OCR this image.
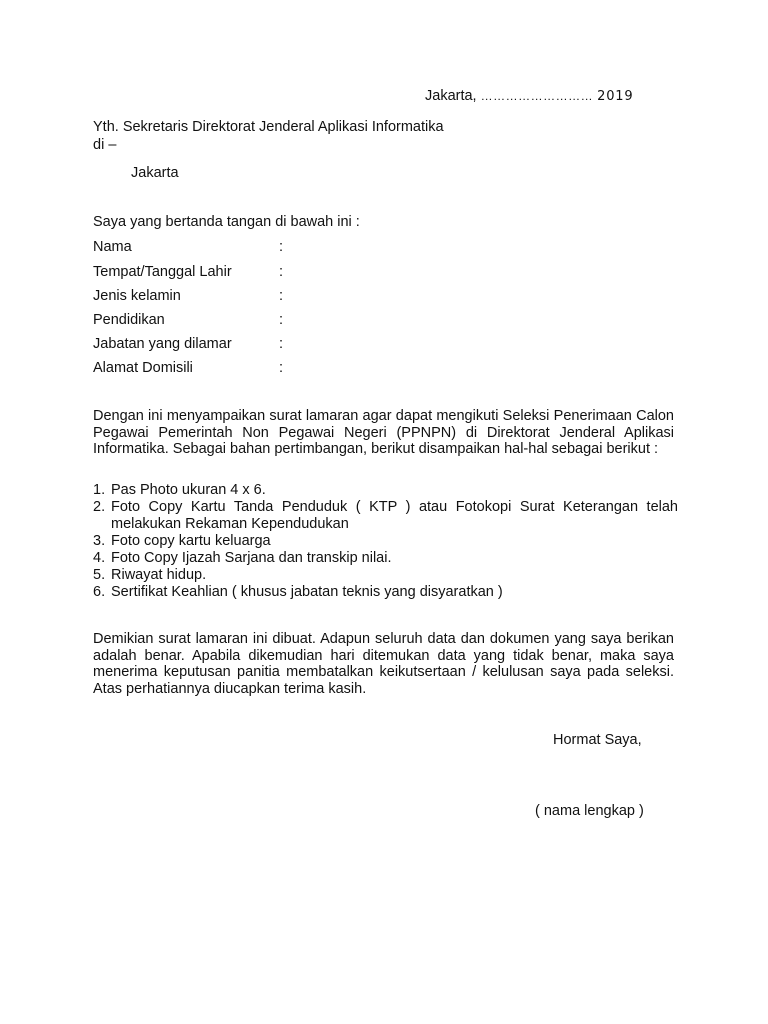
Jakarta, ……………………… 2019
Yth. Sekretaris Direktorat Jenderal Aplikasi Informatika
di –
Jakarta
Saya yang bertanda tangan di bawah ini :
Nama	:
Tempat/Tanggal Lahir	:
Jenis kelamin	:
Pendidikan	:
Jabatan yang dilamar	:
Alamat Domisili	:
Dengan ini menyampaikan surat lamaran agar dapat mengikuti Seleksi Penerimaan Calon Pegawai Pemerintah Non Pegawai Negeri (PPNPN) di Direktorat Jenderal Aplikasi Informatika. Sebagai bahan pertimbangan, berikut disampaikan hal-hal sebagai berikut :
1. Pas Photo ukuran 4 x 6.
2. Foto Copy Kartu Tanda Penduduk ( KTP ) atau Fotokopi Surat Keterangan telah melakukan Rekaman Kependudukan
3. Foto copy kartu keluarga
4. Foto Copy Ijazah Sarjana dan transkip nilai.
5. Riwayat hidup.
6. Sertifikat Keahlian ( khusus jabatan teknis yang disyaratkan )
Demikian surat lamaran ini dibuat. Adapun seluruh data dan dokumen yang saya berikan adalah benar. Apabila dikemudian hari ditemukan data yang tidak benar, maka saya menerima keputusan panitia membatalkan keikutsertaan / kelulusan saya pada seleksi. Atas perhatiannya diucapkan terima kasih.
Hormat Saya,
( nama lengkap )
